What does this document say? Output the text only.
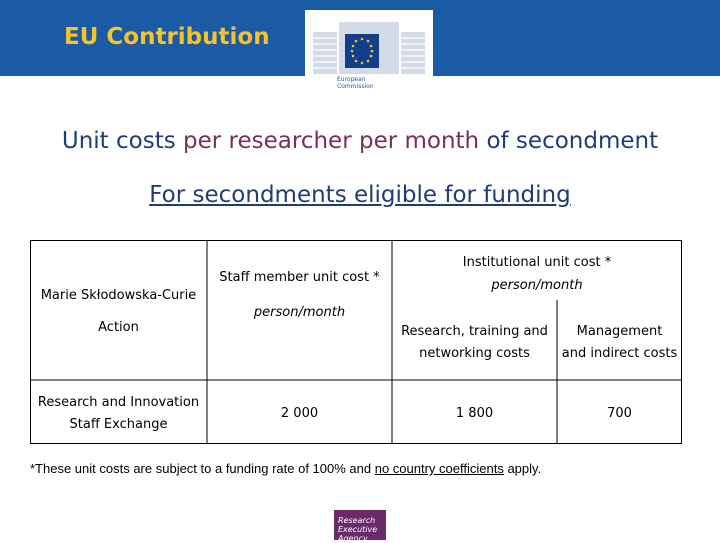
EU Contribution
European
Commission
Unit costs per researcher per month of secondment
For secondments eligible for funding
Marie Skłodowska-Curie
Action
Staff member unit cost *
person/month
Institutional unit cost *
person/month
Research, training and
networking costs
Management
and indirect costs
Research and Innovation
Staff Exchange
2 000	1 800	700
*These unit costs are subject to a funding rate of 100% and no country coefficients apply.
Research
Executive
Agency
